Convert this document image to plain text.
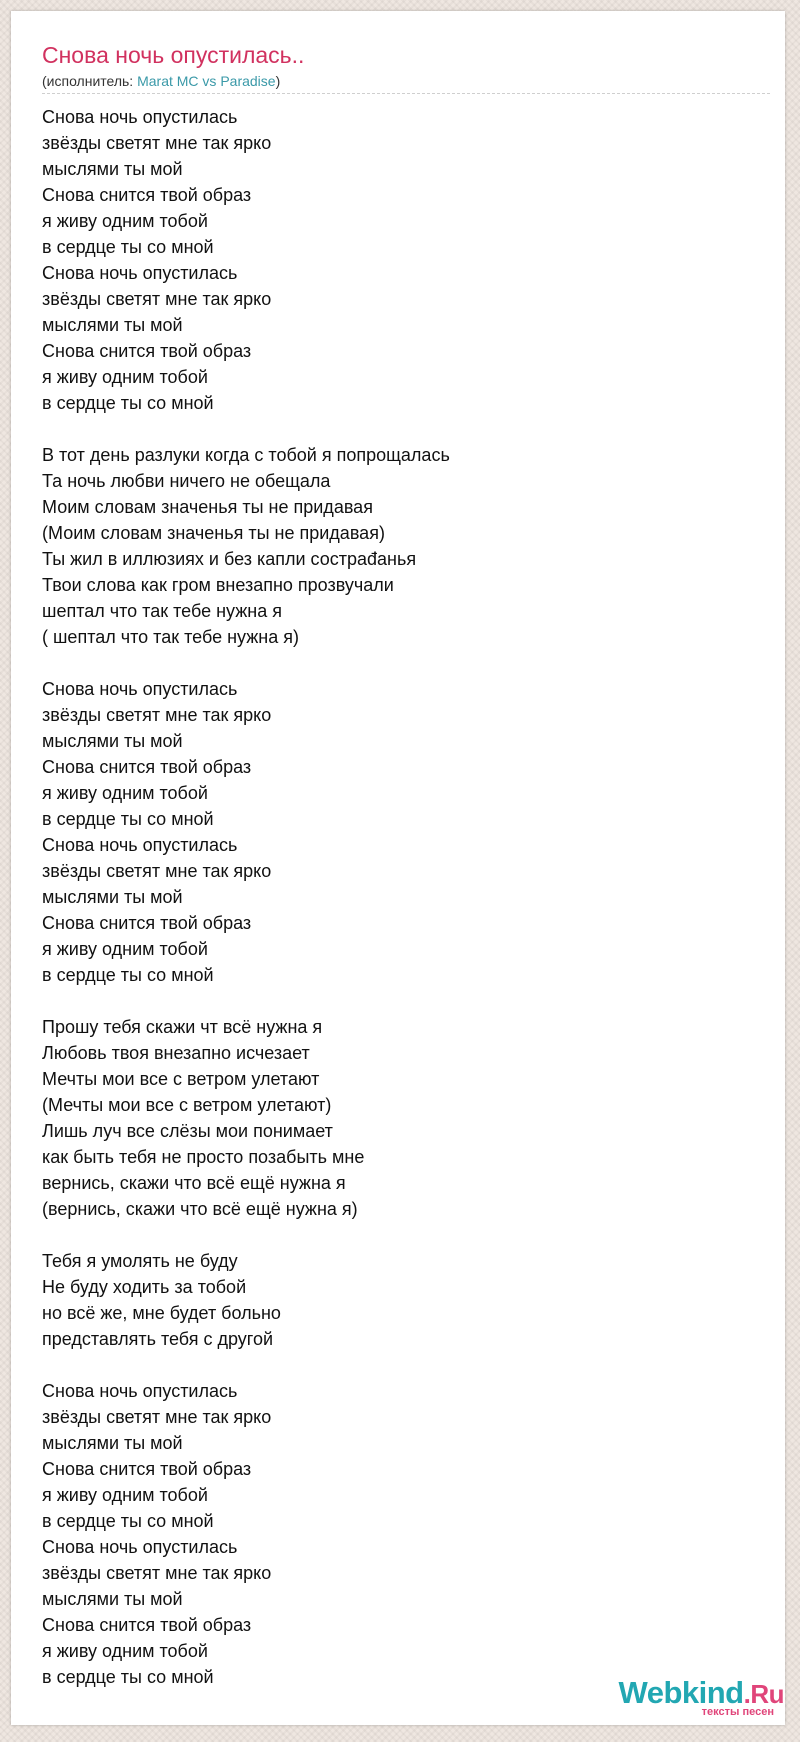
Снова ночь опустилась..
(исполнитель: Marat MC vs Paradise)
Снова ночь опустилась
звёзды светят мне так ярко
мыслями ты мой
Снова снится твой образ
я живу одним тобой
в сердце ты со мной
Снова ночь опустилась
звёзды светят мне так ярко
мыслями ты мой
Снова снится твой образ
я живу одним тобой
в сердце ты со мной
В тот день разлуки когда с тобой я попрощалась
Та ночь любви ничего не обещала
Моим словам значенья ты не придавая
(Моим словам значенья ты не придавая)
Ты жил в иллюзиях и без капли сострađанья
Твои слова как гром внезапно прозвучали
шептал что так тебе нужна я
( шептал что так тебе нужна я)
Снова ночь опустилась
звёзды светят мне так ярко
мыслями ты мой
Снова снится твой образ
я живу одним тобой
в сердце ты со мной
Снова ночь опустилась
звёзды светят мне так ярко
мыслями ты мой
Снова снится твой образ
я живу одним тобой
в сердце ты со мной
Прошу тебя скажи чт всё нужна я
Любовь твоя внезапно исчезает
Мечты мои все с ветром улетают
(Мечты мои все с ветром улетают)
Лишь луч все слёзы мои понимает
как быть тебя не просто позабыть мне
вернись, скажи что всё ещё нужна я
(вернись, скажи что всё ещё нужна я)
Тебя я умолять не буду
Не буду ходить за тобой
но всё же, мне будет больно
представлять тебя с другой
Снова ночь опустилась
звёзды светят мне так ярко
мыслями ты мой
Снова снится твой образ
я живу одним тобой
в сердце ты со мной
Снова ночь опустилась
звёзды светят мне так ярко
мыслями ты мой
Снова снится твой образ
я живу одним тобой
в сердце ты со мной	Webkind.Ru
тексты песен
